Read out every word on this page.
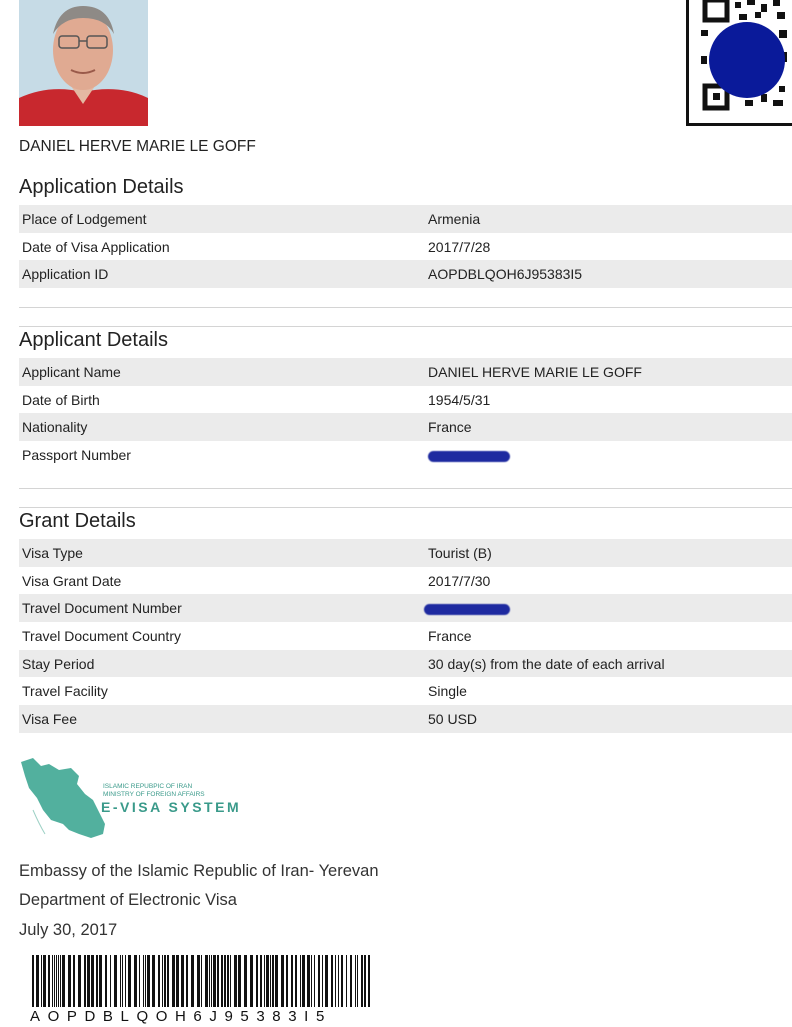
DANIEL HERVE MARIE LE GOFF
Application Details
Place of Lodgement	Armenia
Date of Visa Application	2017/7/28
Application ID	AOPDBLQOH6J95383I5
Applicant Details
Applicant Name	DANIEL HERVE MARIE LE GOFF
Date of Birth	1954/5/31
Nationality	France
Passport Number
Grant Details
Visa Type	Tourist (B)
Visa Grant Date	2017/7/30
Travel Document Number
Travel Document Country	France
Stay Period	30 day(s) from the date of each arrival
Travel Facility	Single
Visa Fee	50 USD
ISLAMIC REPUBPIC OF IRAN
MINISTRY OF FOREIGN AFFAIRS
E-VISA SYSTEM
Embassy of the Islamic Republic of Iran- Yerevan
Department of Electronic Visa
July 30, 2017
AOPDBLQOH6J95383I5
